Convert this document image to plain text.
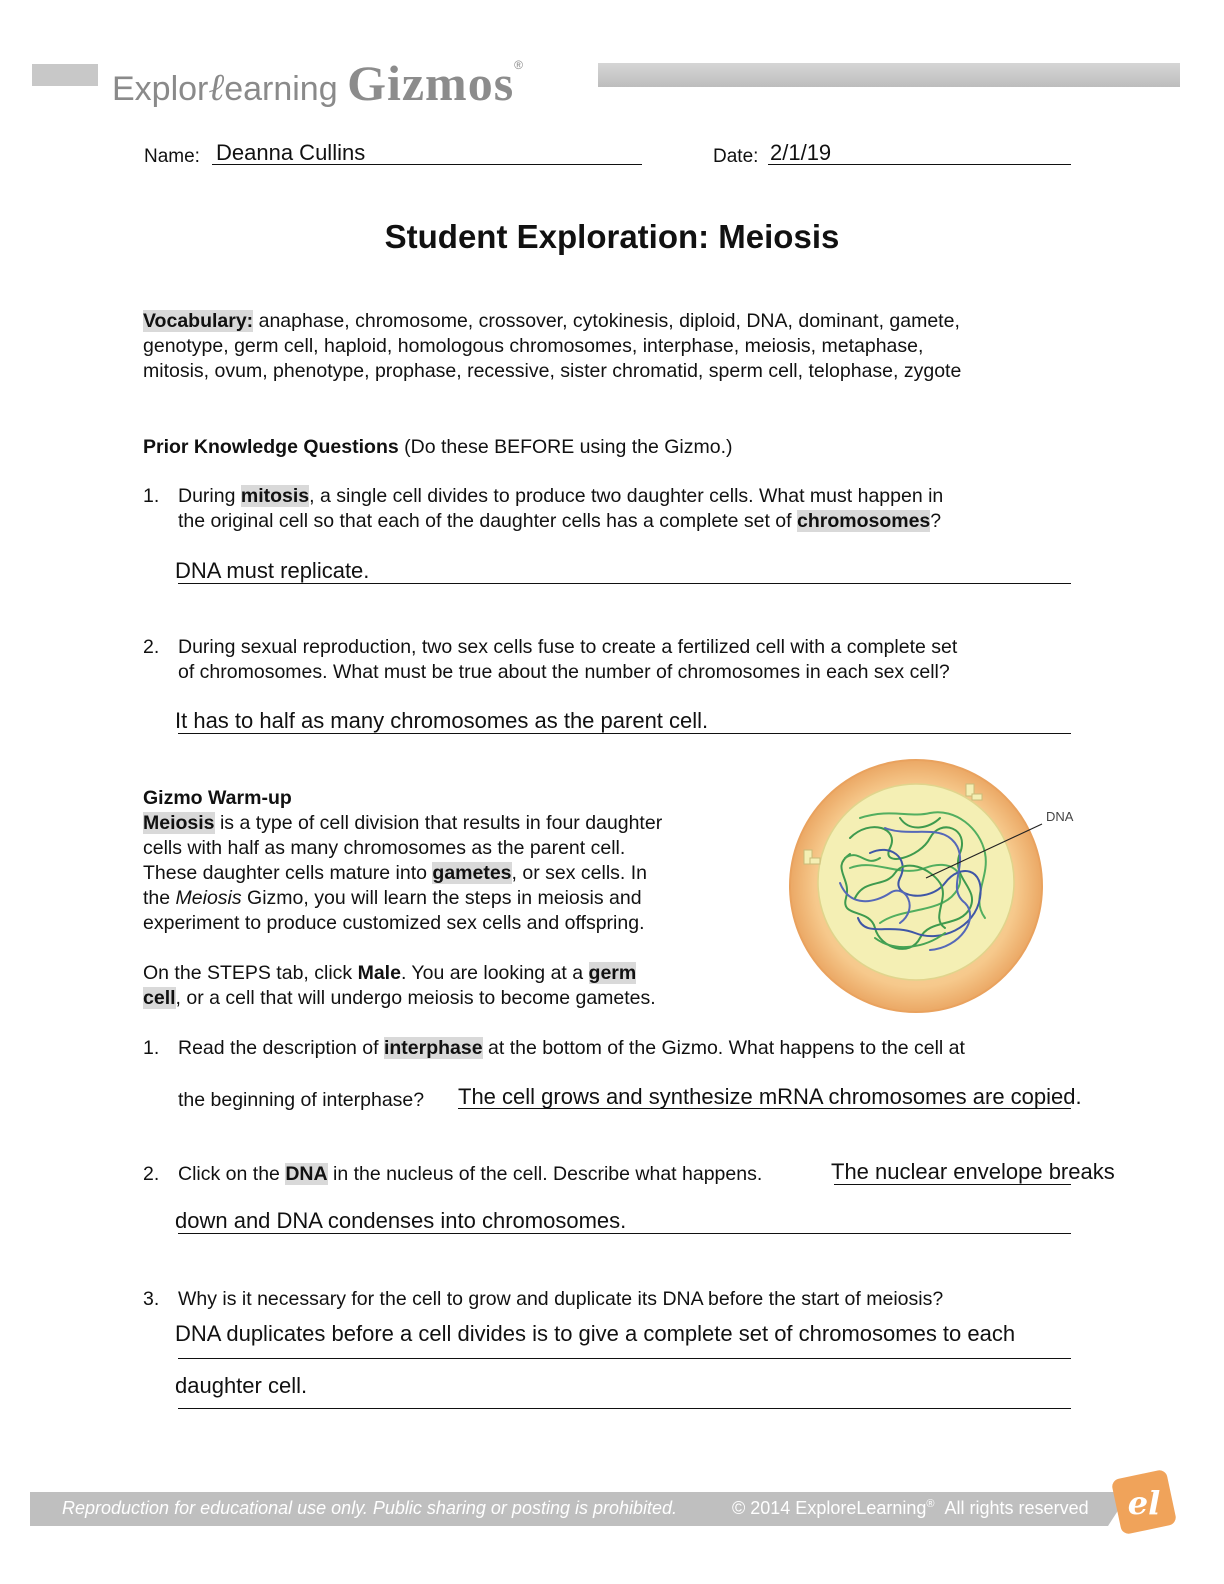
Explorℓearning Gizmos®
Name: Deanna Cullins	Date: 2/1/19
Student Exploration: Meiosis
Vocabulary: anaphase, chromosome, crossover, cytokinesis, diploid, DNA, dominant, gamete,
genotype, germ cell, haploid, homologous chromosomes, interphase, meiosis, metaphase,
mitosis, ovum, phenotype, prophase, recessive, sister chromatid, sperm cell, telophase, zygote
Prior Knowledge Questions (Do these BEFORE using the Gizmo.)
1. During mitosis, a single cell divides to produce two daughter cells. What must happen in
the original cell so that each of the daughter cells has a complete set of chromosomes?
DNA must replicate.
2. During sexual reproduction, two sex cells fuse to create a fertilized cell with a complete set
of chromosomes. What must be true about the number of chromosomes in each sex cell?
It has to half as many chromosomes as the parent cell.
Gizmo Warm-up
Meiosis is a type of cell division that results in four daughter
cells with half as many chromosomes as the parent cell.
These daughter cells mature into gametes, or sex cells. In
the Meiosis Gizmo, you will learn the steps in meiosis and
experiment to produce customized sex cells and offspring.
On the STEPS tab, click Male. You are looking at a germ
cell, or a cell that will undergo meiosis to become gametes.
DNA
1. Read the description of interphase at the bottom of the Gizmo. What happens to the cell at
the beginning of interphase? The cell grows and synthesize mRNA chromosomes are copied.
2. Click on the DNA in the nucleus of the cell. Describe what happens.	The nuclear envelope breaks
down and DNA condenses into chromosomes.
3. Why is it necessary for the cell to grow and duplicate its DNA before the start of meiosis?
DNA duplicates before a cell divides is to give a complete set of chromosomes to each
daughter cell.
Reproduction for educational use only. Public sharing or posting is prohibited.	© 2014 ExploreLearning® All rights reserved el
